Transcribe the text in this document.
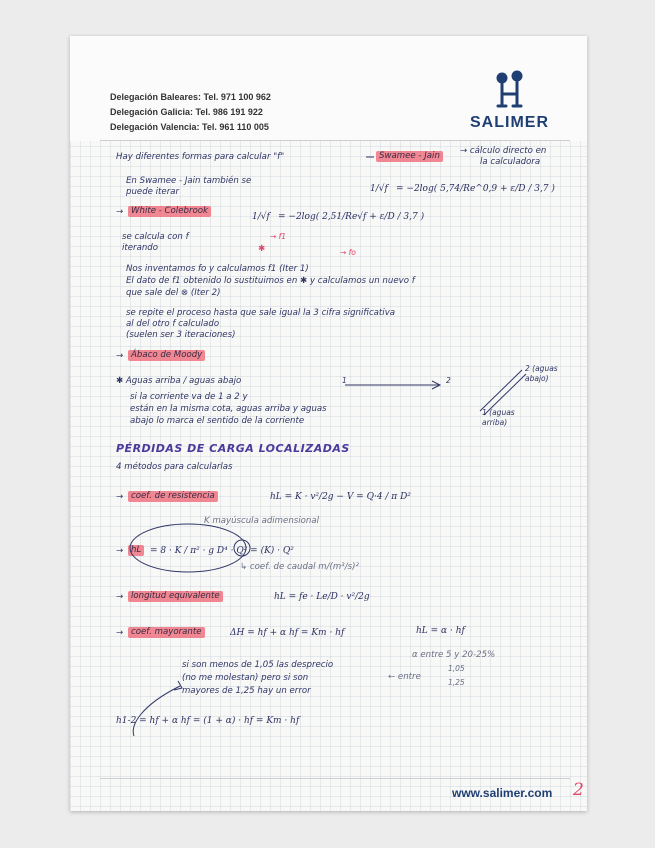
Delegación Baleares: Tel. 971 100 962
Delegación Galicia: Tel. 986 191 922
Delegación Valencia: Tel. 961 110 005	SALIMER
Hay diferentes formas para calcular "f"	Swamee - Jain	→ cálculo directo en
la calculadora
En Swamee - Jain también se
puede iterar	1/√f = −2log( 5,74/Re^0,9 + ε/D / 3,7 )
→ White - Colebrook
1/√f = −2log( 2,51/Re√f + ε/D / 3,7 )
→ f1
→ fo
✱
se calcula con f
iterando
Nos inventamos fo y calculamos f1 (Iter 1)
El dato de f1 obtenido lo sustituimos en ✱ y calculamos un nuevo f
que sale del ⊗ (Iter 2)
se repite el proceso hasta que sale igual la 3 cifra significativa
al del otro f calculado
(suelen ser 3 iteraciones)
→ Ábaco de Moody
✱ Aguas arriba / aguas abajo
si la corriente va de 1 a 2 y
están en la misma cota, aguas arriba y aguas
abajo lo marca el sentido de la corriente
1	2
2 (aguas abajo)
1 (aguas arriba)
PÉRDIDAS DE CARGA LOCALIZADAS
4 métodos para calcularlas
→ coef. de resistencia	hL = K · v²/2g − V = Q·4 / π D²
K mayúscula adimensional
→ hL = 8 · K / π² · g D⁴ · Q² = (K) · Q²
↳ coef. de caudal m/(m³/s)²
→ longitud equivalente	hL = fe · Le/D · v²/2g
→ coef. mayorante	ΔH = hf + α hf = Km · hf	hL = α · hf
α entre 5 y 20-25%
si son menos de 1,05 las desprecio
(no me molestan) pero si son
mayores de 1,25 hay un error
← entre
1,05
1,25
h1-2 = hf + α hf = (1 + α) · hf = Km · hf
www.salimer.com 2
